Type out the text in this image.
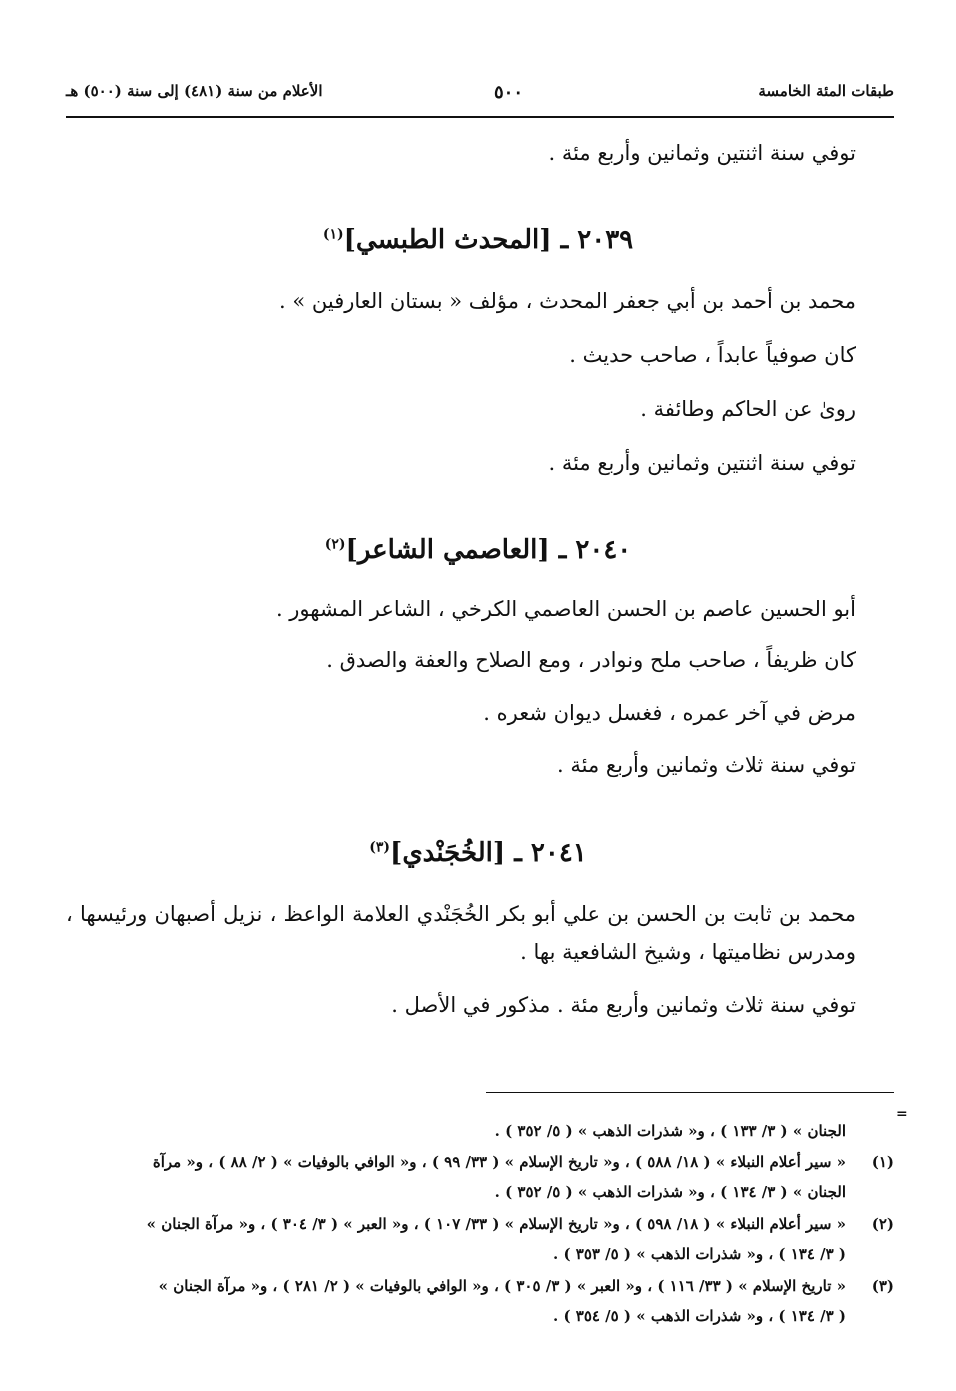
طبقات المئة الخامسة
٥٠٠
الأعلام من سنة (٤٨١) إلى سنة (٥٠٠) هـ
توفي سنة اثنتين وثمانين وأربع مئة .
٢٠٣٩ ـ [المحدث الطبسي]$^{(١)}$
محمد بن أحمد بن أبي جعفر المحدث ، مؤلف « بستان العارفين » .
كان صوفياً عابداً ، صاحب حديث .
روىٰ عن الحاكم وطائفة .
توفي سنة اثنتين وثمانين وأربع مئة .
٢٠٤٠ ـ [العاصمي الشاعر]$^{(٢)}$
أبو الحسين عاصم بن الحسن العاصمي الكرخي ، الشاعر المشهور .
كان ظريفاً ، صاحب ملح ونوادر ، ومع الصلاح والعفة والصدق .
مرض في آخر عمره ، فغسل ديوان شعره .
توفي سنة ثلاث وثمانين وأربع مئة .
٢٠٤١ ـ [الخُجَنْدي]$^{(٣)}$
محمد بن ثابت بن الحسن بن علي أبو بكر الخُجَنْدي العلامة الواعظ ، نزيل أصبهان ورئيسها ، ومدرس نظاميتها ، وشيخ الشافعية بها .
توفي سنة ثلاث وثمانين وأربع مئة . مذكور في الأصل .
=
الجنان » ( ٣/ ١٣٣ ) ، و« شذرات الذهب » ( ٥/ ٣٥٢ ) .
(١)
« سير أعلام النبلاء » ( ١٨/ ٥٨٨ ) ، و« تاريخ الإسلام » ( ٣٣/ ٩٩ ) ، و« الوافي بالوفيات » ( ٢/ ٨٨ ) ، و« مرآة
الجنان » ( ٣/ ١٣٤ ) ، و« شذرات الذهب » ( ٥/ ٣٥٢ ) .
(٢)
« سير أعلام النبلاء » ( ١٨/ ٥٩٨ ) ، و« تاريخ الإسلام » ( ٣٣/ ١٠٧ ) ، و« العبر » ( ٣/ ٣٠٤ ) ، و« مرآة الجنان »
( ٣/ ١٣٤ ) ، و« شذرات الذهب » ( ٥/ ٣٥٣ ) .
(٣)
« تاريخ الإسلام » ( ٣٣/ ١١٦ ) ، و« العبر » ( ٣/ ٣٠٥ ) ، و« الوافي بالوفيات » ( ٢/ ٢٨١ ) ، و« مرآة الجنان »
( ٣/ ١٣٤ ) ، و« شذرات الذهب » ( ٥/ ٣٥٤ ) .
